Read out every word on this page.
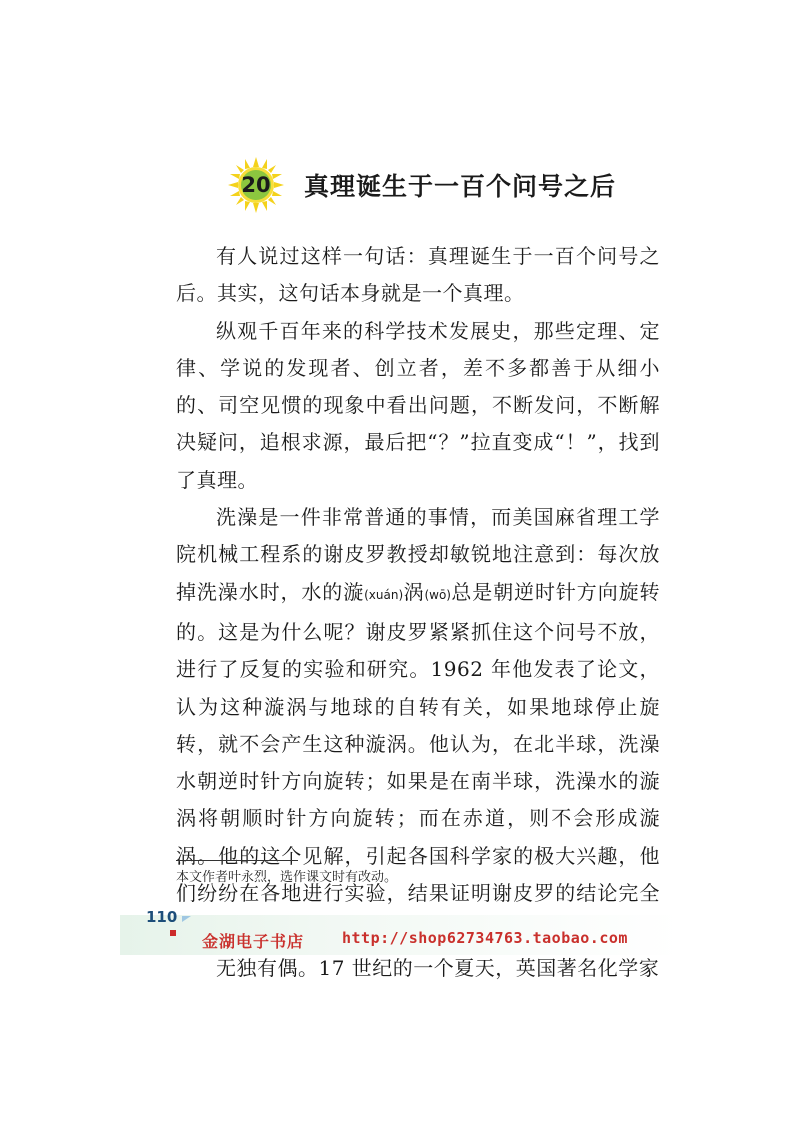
20	真理诞生于一百个问号之后

有人说过这样一句话：真理诞生于一百个问号之后。其实，这句话本身就是一个真理。

纵观千百年来的科学技术发展史，那些定理、定律、学说的发现者、创立者，差不多都善于从细小的、司空见惯的现象中看出问题，不断发问，不断解决疑问，追根求源，最后把“？”拉直变成“！”，找到了真理。

洗澡是一件非常普通的事情，而美国麻省理工学院机械工程系的谢皮罗教授却敏锐地注意到：每次放掉洗澡水时，水的漩(xuán)涡(wō)总是朝逆时针方向旋转的。这是为什么呢？谢皮罗紧紧抓住这个问号不放，进行了反复的实验和研究。1962 年他发表了论文，认为这种漩涡与地球的自转有关，如果地球停止旋转，就不会产生这种漩涡。他认为，在北半球，洗澡水朝逆时针方向旋转；如果是在南半球，洗澡水的漩涡将朝顺时针方向旋转；而在赤道，则不会形成漩涡。他的这个见解，引起各国科学家的极大兴趣，他们纷纷在各地进行实验，结果证明谢皮罗的结论完全

无独有偶。17 世纪的一个夏天，英国著名化学家

本文作者叶永烈，选作课文时有改动。
110
金湖电子书店	http://shop62734763.taobao.com
